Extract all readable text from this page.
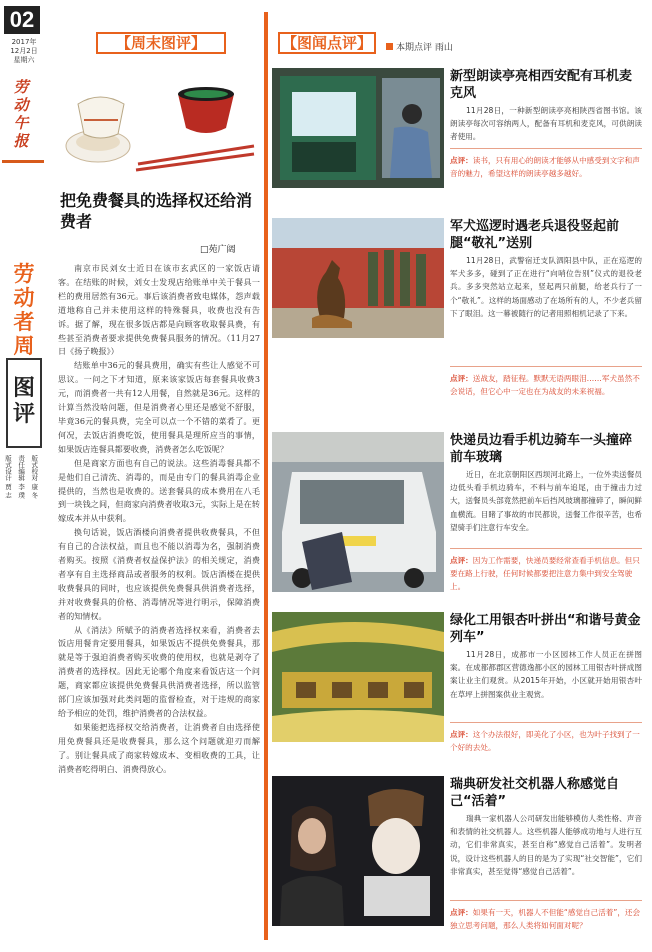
02
2017年
12月2日
星期六
劳动午报
劳动者周
图评
版式设计 贾 志 责任编辑 李 璞 版式校对 康 冬
【周末图评】
把免费餐具的选择权还给消费者
□苑广阔

南京市民刘女士近日在该市玄武区的一家饭店请客。在结账的时候，刘女士发现店给账单中关于餐具一栏的费用居然有36元。事后该消费者致电媒体，怨声载道地称自己并未使用这样的特殊餐具，收费也没有告诉。据了解，现在很多饭店都是向顾客收取餐具费，有些甚至消费者要求提供免费餐具服务的情况。（11月27日《扬子晚报》）

结账单中36元的餐具费用，确实有些让人感觉不可思议。一问之下才知道，原来该家饭店每套餐具收费3元，而消费者一共有12人用餐，自然就是36元。这样的计算当然没啥问题，但是消费者心里还是感觉不舒服，毕竟36元的餐具费，完全可以点一个不错的菜肴了。更何况，去饭店消费吃饭，使用餐具是理所应当的事情，如果饭店连餐具都要收费，消费者怎么吃饭呢？

但是商家方面也有自己的说法。这些消毒餐具都不是他们自己清洗、消毒的，而是由专门的餐具消毒企业提供的，当然也是收费的。送套餐具的成本费用在八毛到一块钱之间，但商家向消费者收取3元，实际上是在转嫁成本并从中获利。

换句话说，饭店酒楼向消费者提供收费餐具，不但有自己的合法权益，而且也不能以消毒为名，强制消费者购买。按照《消费者权益保护法》的相关规定，消费者享有自主选择商品或者服务的权利。饭店酒楼在提供收费餐具的同时，也应该提供免费餐具供消费者选择，并对收费餐具的价格、消毒情况等进行明示，保障消费者的知情权。

从《消法》所赋予的消费者选择权来看，消费者去饭店用餐肯定要用餐具，如果饭店不提供免费餐具，那就是等于强迫消费者购买收费的使用权，也就是剥夺了消费者的选择权。因此无论哪个角度来看饭店这一个问题，商家都应该提供免费餐具供消费者选择，所以监管部门应该加强对此类问题的监督检查，对于违规的商家给予相应的处罚，维护消费者的合法权益。

如果能把选择权交给消费者，让消费者自由选择使用免费餐具还是收费餐具，那么这个问题就迎刃而解了。别让餐具成了商家转嫁成本、变相收费的工具，让消费者吃得明白、消费得放心。

【图闻点评】	本期点评 雨山
新型朗读亭亮相西安配有耳机麦克风
11月28日，一种新型朗读亭亮相陕西省图书馆。该朗读亭每次可容纳两人，配备有耳机和麦克风，可供朗读者使用。
点评：读书，只有用心的朗读才能够从中感受到文字和声音的魅力，希望这样的朗读亭越多越好。
军犬巡逻时遇老兵退役竖起前腿“敬礼”送别
11月28日，武警宿迁支队泗阳县中队，正在巡逻的军犬多多，碰到了正在进行“向哨位告别”仪式的退役老兵。多多突然站立起来，竖起两只前腿，给老兵行了一个“敬礼”。这样的场面感动了在场所有的人，不少老兵留下了眼泪。这一幕被随行的记者用照相机记录了下来。
点评：送战友，踏征程。默默无语两眼泪……军犬虽然不会说话，但它心中一定也在为战友的未来祝福。
快递员边看手机边骑车一头撞碎前车玻璃
近日，在北京朝阳区西坝河北路上，一位外卖送餐员边低头看手机边骑车，不料与前车追尾，由于撞击力过大，送餐员头部竟然把前车后挡风玻璃都撞碎了，瞬间鲜血横流。目睹了事故的市民都说，送餐工作很辛苦，也希望骑手们注意行车安全。
点评：因为工作需要，快递员要经常查看手机信息。但只要在路上行驶，任何时候都要把注意力集中到安全驾驶上。
绿化工用银杏叶拼出“和谐号黄金列车”
11月28日，成都市一小区园林工作人员正在拼图案。在成都都郡区营德逸都小区的园林工用银杏叶拼成图案让业主们观赏。从2015年开始，小区就开始用银杏叶在草坪上拼图案供业主观赏。
点评：这个办法很好，即美化了小区，也为叶子找到了一个好的去处。
瑞典研发社交机器人称感觉自己“活着”
瑞典一家机器人公司研发出能够模仿人类性格、声音和表情的社交机器人。这些机器人能够成功地与人进行互动，它们非常真实，甚至自称“感觉自己活着”。发明者说，设计这些机器人的目的是为了实现“社交智能”，它们非常真实，甚至觉得“感觉自己活着”。
点评：如果有一天，机器人不但能“感觉自己活着”，还会独立思考问题，那么人类将如何面对呢？
